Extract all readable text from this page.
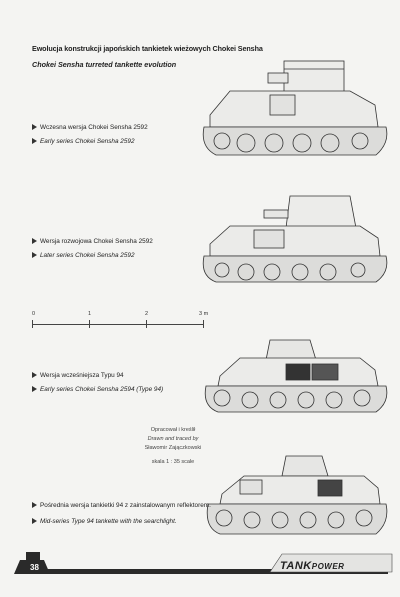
Ewolucja konstrukcji japońskich tankietek wieżowych Chokei Sensha
Chokei Sensha turreted tankette evolution
Wczesna wersja Chokei Sensha 2592
Early series Chokei Sensha 2592
Wersja rozwojowa Chokei Sensha 2592
Later series Chokei Sensha 2592
0	1	2	3 m
Wersja wcześniejsza Typu 94
Early series Chokei Sensha 2594 (Type 94)
Opracował i kreślił
Drawn and traced by
Sławomir Zajączkowski
skala 1 : 35 scale
Pośrednia wersja tankietki 94 z zainstalowanym reflektorem.
Mid-series Type 94 tankette with the searchlight.
38	TANKPOWER
